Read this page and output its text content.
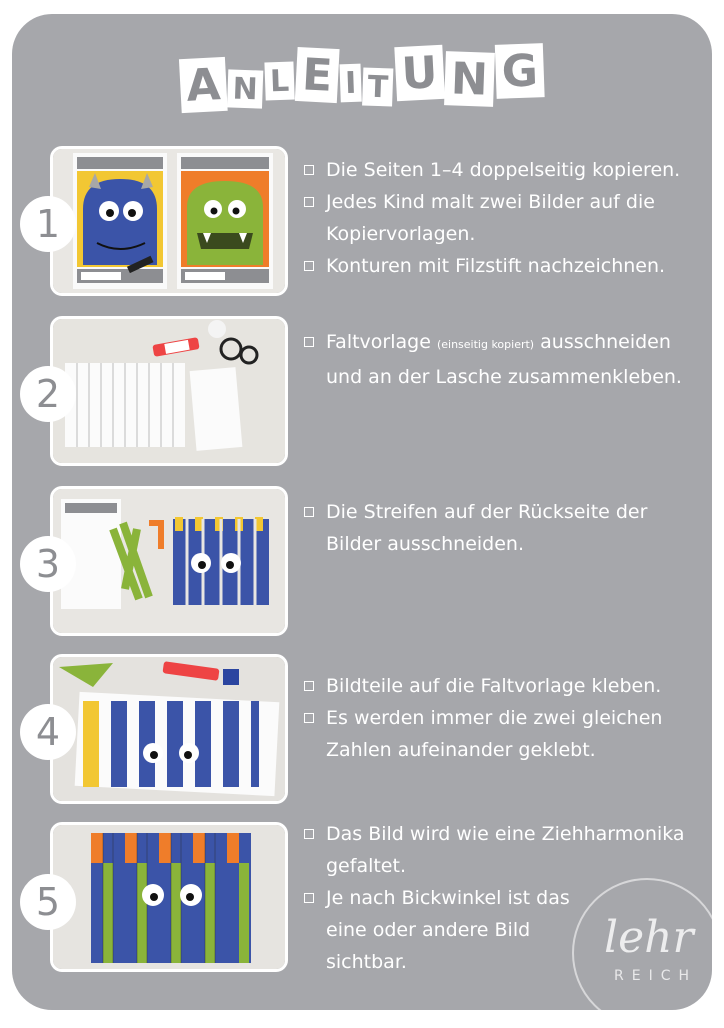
A N L E I T U N G
1
Die Seiten 1–4 doppelseitig kopieren.
Jedes Kind malt zwei Bilder auf die
Kopiervorlagen.
Konturen mit Filzstift nachzeichnen.
2
Faltvorlage (einseitig kopiert) ausschneiden
und an der Lasche zusammenkleben.
3
Die Streifen auf der Rückseite der
Bilder ausschneiden.
4
Bildteile auf die Faltvorlage kleben.
Es werden immer die zwei gleichen
Zahlen aufeinander geklebt.
5
Das Bild wird wie eine Ziehharmonika
gefaltet.
Je nach Bickwinkel ist das
eine oder andere Bild
sichtbar.	lehr
REICH
